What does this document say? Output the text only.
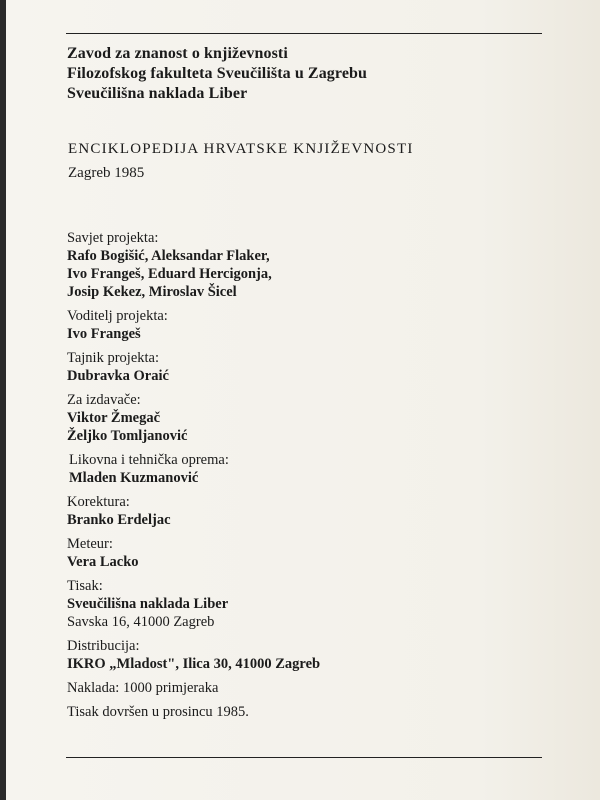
Zavod za znanost o književnosti
Filozofskog fakulteta Sveučilišta u Zagrebu
Sveučilišna naklada Liber
ENCIKLOPEDIJA HRVATSKE KNJIŽEVNOSTI
Zagreb 1985
Savjet projekta:
Rafo Bogišić, Aleksandar Flaker,
Ivo Frangeš, Eduard Hercigonja,
Josip Kekez, Miroslav Šicel
Voditelj projekta:
Ivo Frangeš
Tajnik projekta:
Dubravka Oraić
Za izdavače:
Viktor Žmegač
Željko Tomljanović
Likovna i tehnička oprema:
Mladen Kuzmanović
Korektura:
Branko Erdeljac
Meteur:
Vera Lacko
Tisak:
Sveučilišna naklada Liber
Savska 16, 41000 Zagreb
Distribucija:
IKRO „Mladost", Ilica 30, 41000 Zagreb
Naklada: 1000 primjeraka
Tisak dovršen u prosincu 1985.
